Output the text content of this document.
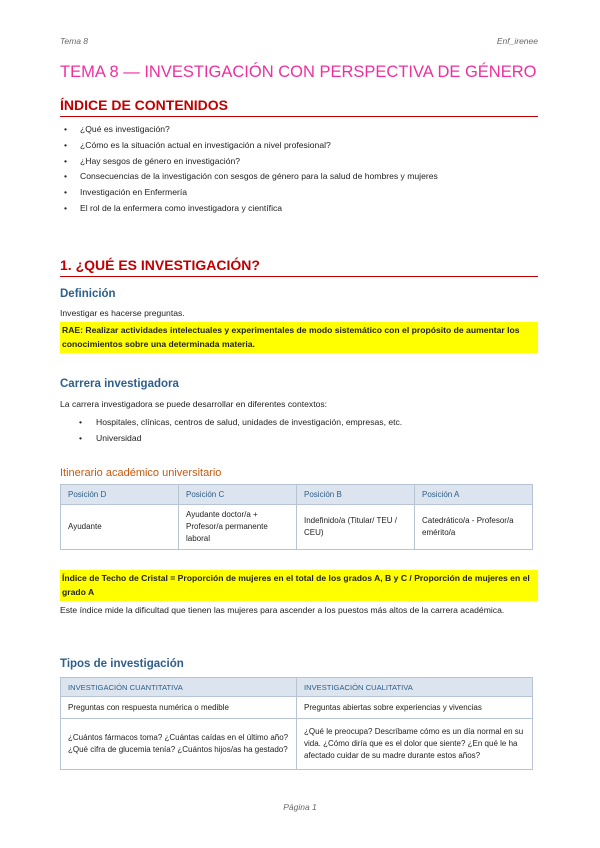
Tema 8	Enf_irenee
TEMA 8 — INVESTIGACIÓN CON PERSPECTIVA DE GÉNERO
ÍNDICE DE CONTENIDOS
• ¿Qué es investigación?
• ¿Cómo es la situación actual en investigación a nivel profesional?
• ¿Hay sesgos de género en investigación?
• Consecuencias de la investigación con sesgos de género para la salud de hombres y mujeres
• Investigación en Enfermería
• El rol de la enfermera como investigadora y científica
1. ¿QUÉ ES INVESTIGACIÓN?
Definición
Investigar es hacerse preguntas.
RAE: Realizar actividades intelectuales y experimentales de modo sistemático con el propósito de aumentar los conocimientos sobre una determinada materia.
Carrera investigadora
La carrera investigadora se puede desarrollar en diferentes contextos:
• Hospitales, clínicas, centros de salud, unidades de investigación, empresas, etc.
• Universidad
Itinerario académico universitario
Posición D	Posición C	Posición B	Posición A
Ayudante	Ayudante doctor/a + Profesor/a permanente laboral	Indefinido/a (Titular/ TEU / CEU)	Catedrático/a - Profesor/a emérito/a
Índice de Techo de Cristal = Proporción de mujeres en el total de los grados A, B y C / Proporción de mujeres en el grado A
Este índice mide la dificultad que tienen las mujeres para ascender a los puestos más altos de la carrera académica.
Tipos de investigación
INVESTIGACIÓN CUANTITATIVA	INVESTIGACIÓN CUALITATIVA
Preguntas con respuesta numérica o medible	Preguntas abiertas sobre experiencias y vivencias
¿Cuántos fármacos toma? ¿Cuántas caídas en el último año? ¿Qué cifra de glucemia tenía? ¿Cuántos hijos/as ha gestado?	¿Qué le preocupa? Descríbame cómo es un día normal en su vida. ¿Cómo diría que es el dolor que siente? ¿En qué le ha afectado cuidar de su madre durante estos años?
Página 1
